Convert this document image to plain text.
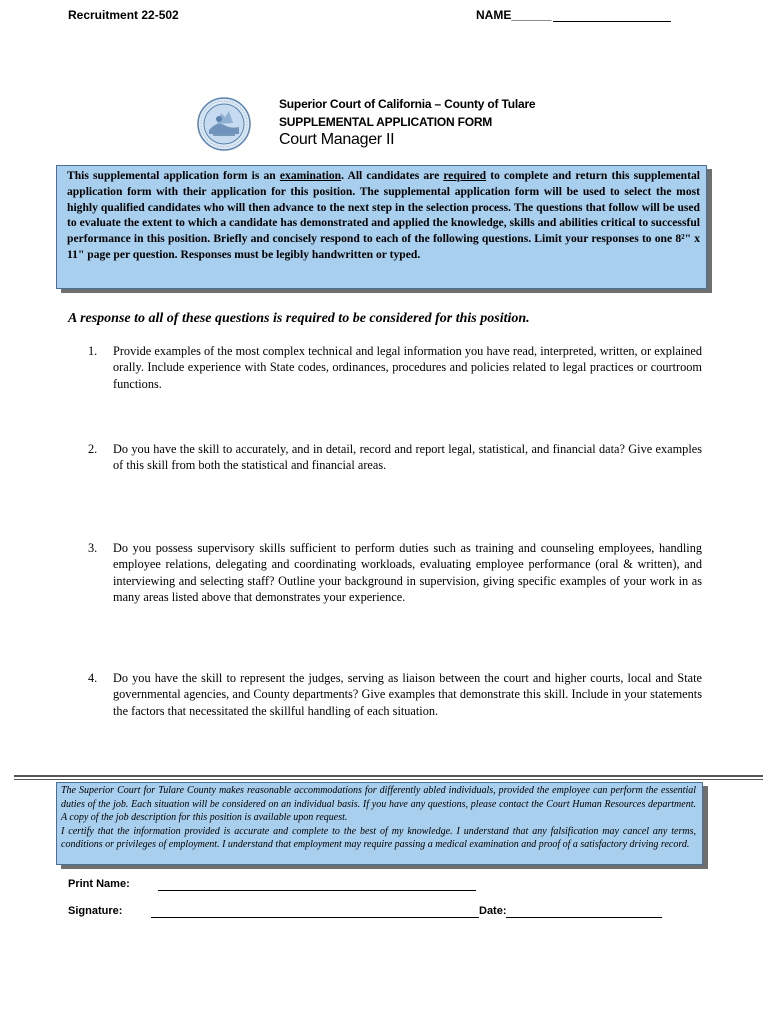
Recruitment 22-502	NAME______
Superior Court of California – County of Tulare
SUPPLEMENTAL APPLICATION FORM
Court Manager II
This supplemental application form is an examination. All candidates are required to complete and return this supplemental application form with their application for this position. The supplemental application form will be used to select the most highly qualified candidates who will then advance to the next step in the selection process. The questions that follow will be used to evaluate the extent to which a candidate has demonstrated and applied the knowledge, skills and abilities critical to successful performance in this position. Briefly and concisely respond to each of the following questions. Limit your responses to one 8²" x 11" page per question. Responses must be legibly handwritten or typed.
A response to all of these questions is required to be considered for this position.
1.	Provide examples of the most complex technical and legal information you have read, interpreted, written, or explained orally. Include experience with State codes, ordinances, procedures and policies related to legal practices or courtroom functions.
2.	Do you have the skill to accurately, and in detail, record and report legal, statistical, and financial data? Give examples of this skill from both the statistical and financial areas.
3.	Do you possess supervisory skills sufficient to perform duties such as training and counseling employees, handling employee relations, delegating and coordinating workloads, evaluating employee performance (oral & written), and interviewing and selecting staff? Outline your background in supervision, giving specific examples of your work in as many areas listed above that demonstrates your experience.
4.	Do you have the skill to represent the judges, serving as liaison between the court and higher courts, local and State governmental agencies, and County departments? Give examples that demonstrate this skill. Include in your statements the factors that necessitated the skillful handling of each situation.
The Superior Court for Tulare County makes reasonable accommodations for differently abled individuals, provided the employee can perform the essential duties of the job. Each situation will be considered on an individual basis. If you have any questions, please contact the Court Human Resources department. A copy of the job description for this position is available upon request.
I certify that the information provided is accurate and complete to the best of my knowledge. I understand that any falsification may cancel any terms, conditions or privileges of employment. I understand that employment may require passing a medical examination and proof of a satisfactory driving record.
Print Name:
Signature:	Date:
